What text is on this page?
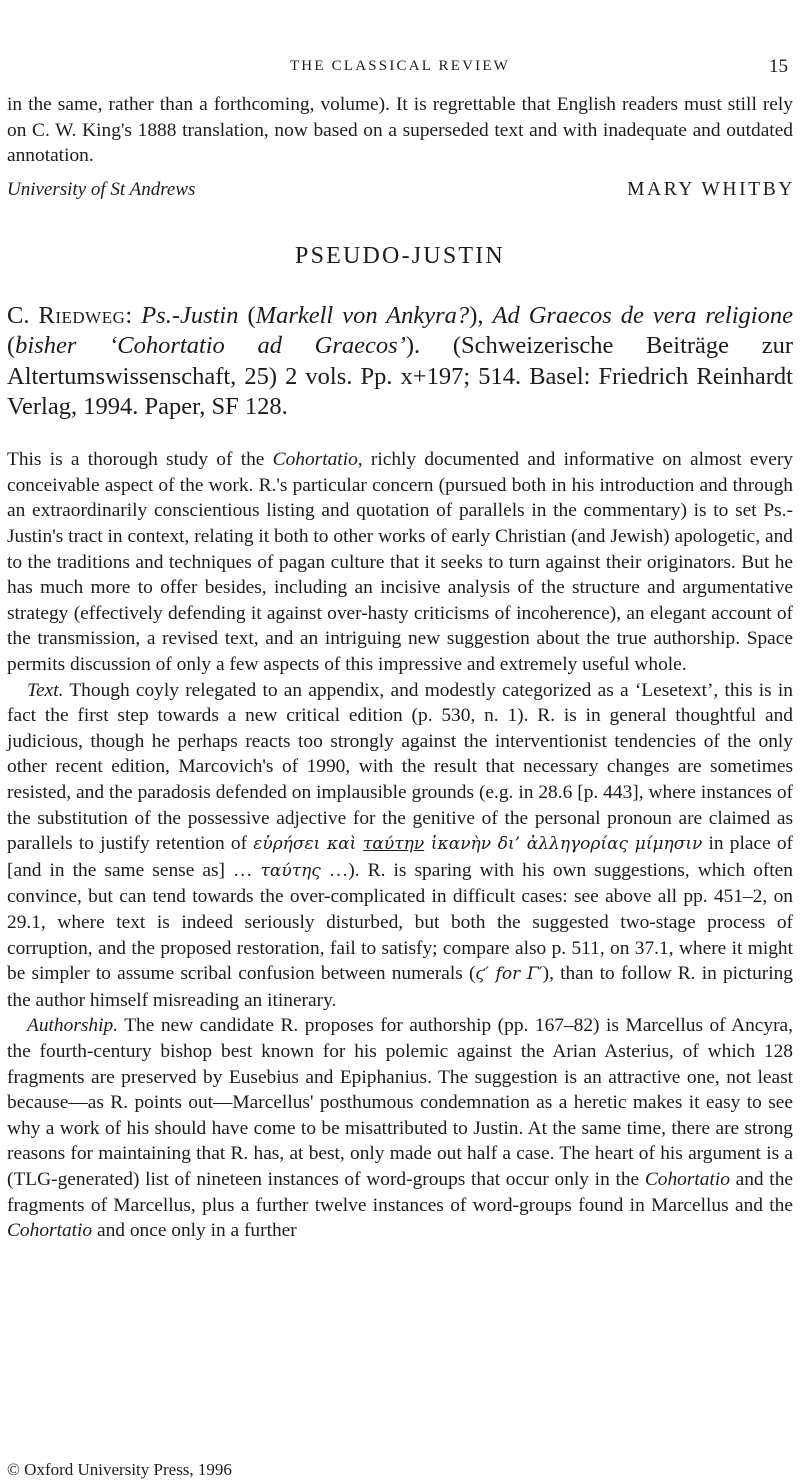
THE CLASSICAL REVIEW	15

in the same, rather than a forthcoming, volume). It is regrettable that English readers must still rely on C. W. King's 1888 translation, now based on a superseded text and with inadequate and outdated annotation.

University of St Andrews	MARY WHITBY
PSEUDO-JUSTIN

C. Riedweg: Ps.-Justin (Markell von Ankyra?), Ad Graecos de vera religione (bisher ‘Cohortatio ad Graecos’). (Schweizerische Beiträge zur Altertumswissenschaft, 25) 2 vols. Pp. x+197; 514. Basel: Friedrich Reinhardt Verlag, 1994. Paper, SF 128.

This is a thorough study of the Cohortatio, richly documented and informative on almost every conceivable aspect of the work. R.'s particular concern (pursued both in his introduction and through an extraordinarily conscientious listing and quotation of parallels in the commentary) is to set Ps.-Justin's tract in context, relating it both to other works of early Christian (and Jewish) apologetic, and to the traditions and techniques of pagan culture that it seeks to turn against their originators. But he has much more to offer besides, including an incisive analysis of the structure and argumentative strategy (effectively defending it against over-hasty criticisms of incoherence), an elegant account of the transmission, a revised text, and an intriguing new suggestion about the true authorship. Space permits discussion of only a few aspects of this impressive and extremely useful whole.

Text. Though coyly relegated to an appendix, and modestly categorized as a ‘Lesetext’, this is in fact the first step towards a new critical edition (p. 530, n. 1). R. is in general thoughtful and judicious, though he perhaps reacts too strongly against the interventionist tendencies of the only other recent edition, Marcovich's of 1990, with the result that necessary changes are sometimes resisted, and the paradosis defended on implausible grounds (e.g. in 28.6 [p. 443], where instances of the substitution of the possessive adjective for the genitive of the personal pronoun are claimed as parallels to justify retention of εὑρήσει καὶ ταύτην ἱκανὴν δι’ ἀλληγορίας μίμησιν in place of [and in the same sense as] … ταύτης …). R. is sparing with his own suggestions, which often convince, but can tend towards the over-complicated in difficult cases: see above all pp. 451–2, on 29.1, where text is indeed seriously disturbed, but both the suggested two-stage process of corruption, and the proposed restoration, fail to satisfy; compare also p. 511, on 37.1, where it might be simpler to assume scribal confusion between numerals (ϛ′ for Γ′), than to follow R. in picturing the author himself misreading an itinerary.

Authorship. The new candidate R. proposes for authorship (pp. 167–82) is Marcellus of Ancyra, the fourth-century bishop best known for his polemic against the Arian Asterius, of which 128 fragments are preserved by Eusebius and Epiphanius. The suggestion is an attractive one, not least because—as R. points out—Marcellus' posthumous condemnation as a heretic makes it easy to see why a work of his should have come to be misattributed to Justin. At the same time, there are strong reasons for maintaining that R. has, at best, only made out half a case. The heart of his argument is a (TLG-generated) list of nineteen instances of word-groups that occur only in the Cohortatio and the fragments of Marcellus, plus a further twelve instances of word-groups found in Marcellus and the Cohortatio and once only in a further

© Oxford University Press, 1996
